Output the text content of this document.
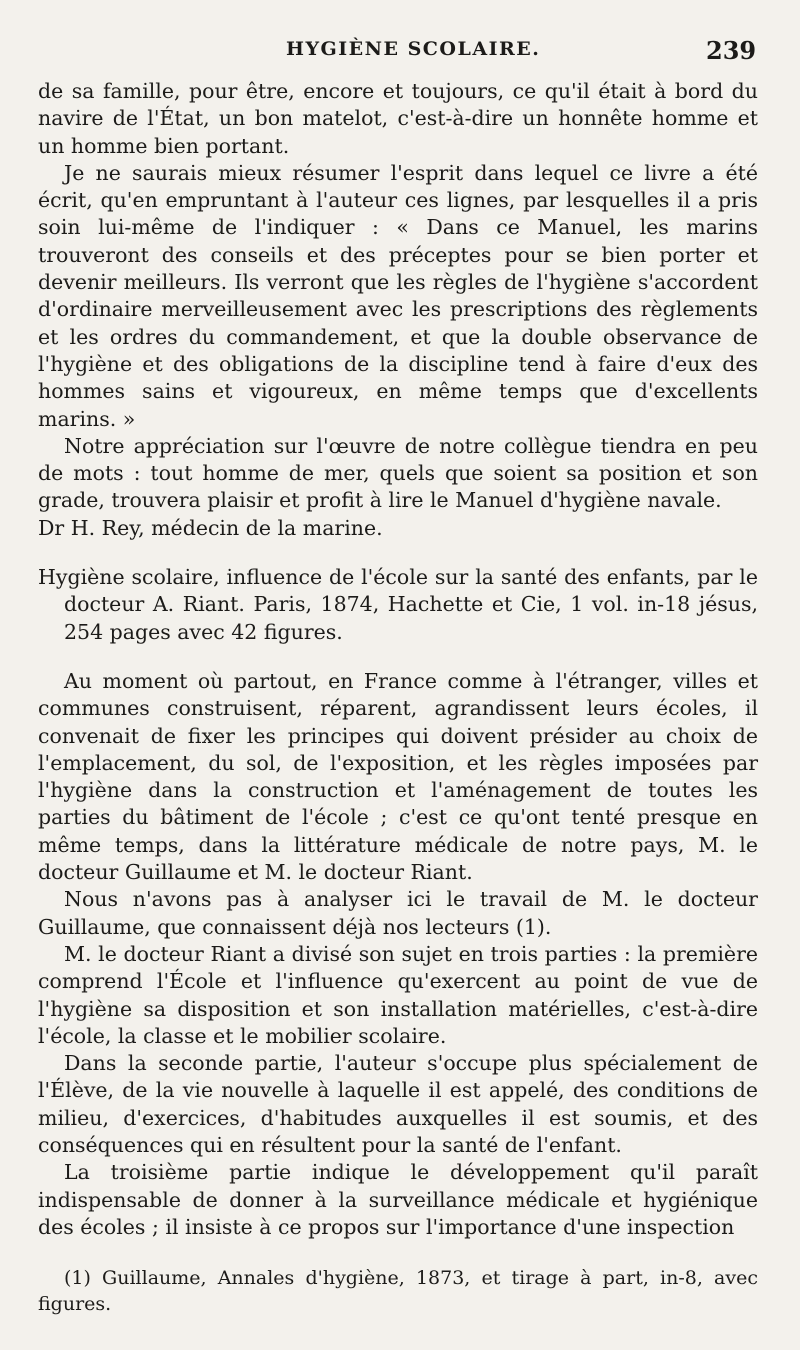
HYGIÈNE SCOLAIRE.	239

de sa famille, pour être, encore et toujours, ce qu'il était à bord du navire de l'État, un bon matelot, c'est-à-dire un honnête homme et un homme bien portant.

Je ne saurais mieux résumer l'esprit dans lequel ce livre a été écrit, qu'en empruntant à l'auteur ces lignes, par lesquelles il a pris soin lui-même de l'indiquer : « Dans ce Manuel, les marins trouveront des conseils et des préceptes pour se bien porter et devenir meilleurs. Ils verront que les règles de l'hygiène s'accordent d'ordinaire merveilleusement avec les prescriptions des règlements et les ordres du commandement, et que la double observance de l'hygiène et des obligations de la discipline tend à faire d'eux des hommes sains et vigoureux, en même temps que d'excellents marins. »

Notre appréciation sur l'œuvre de notre collègue tiendra en peu de mots : tout homme de mer, quels que soient sa position et son grade, trouvera plaisir et profit à lire le Manuel d'hygiène navale.

Dr H. Rey, médecin de la marine.

Hygiène scolaire, influence de l'école sur la santé des enfants, par le docteur A. Riant. Paris, 1874, Hachette et Cie, 1 vol. in-18 jésus, 254 pages avec 42 figures.

Au moment où partout, en France comme à l'étranger, villes et communes construisent, réparent, agrandissent leurs écoles, il convenait de fixer les principes qui doivent présider au choix de l'emplacement, du sol, de l'exposition, et les règles imposées par l'hygiène dans la construction et l'aménagement de toutes les parties du bâtiment de l'école ; c'est ce qu'ont tenté presque en même temps, dans la littérature médicale de notre pays, M. le docteur Guillaume et M. le docteur Riant.

Nous n'avons pas à analyser ici le travail de M. le docteur Guillaume, que connaissent déjà nos lecteurs (1).

M. le docteur Riant a divisé son sujet en trois parties : la première comprend l'École et l'influence qu'exercent au point de vue de l'hygiène sa disposition et son installation matérielles, c'est-à-dire l'école, la classe et le mobilier scolaire.

Dans la seconde partie, l'auteur s'occupe plus spécialement de l'Élève, de la vie nouvelle à laquelle il est appelé, des conditions de milieu, d'exercices, d'habitudes auxquelles il est soumis, et des conséquences qui en résultent pour la santé de l'enfant.

La troisième partie indique le développement qu'il paraît indispensable de donner à la surveillance médicale et hygiénique des écoles ; il insiste à ce propos sur l'importance d'une inspection

(1) Guillaume, Annales d'hygiène, 1873, et tirage à part, in-8, avec figures.
